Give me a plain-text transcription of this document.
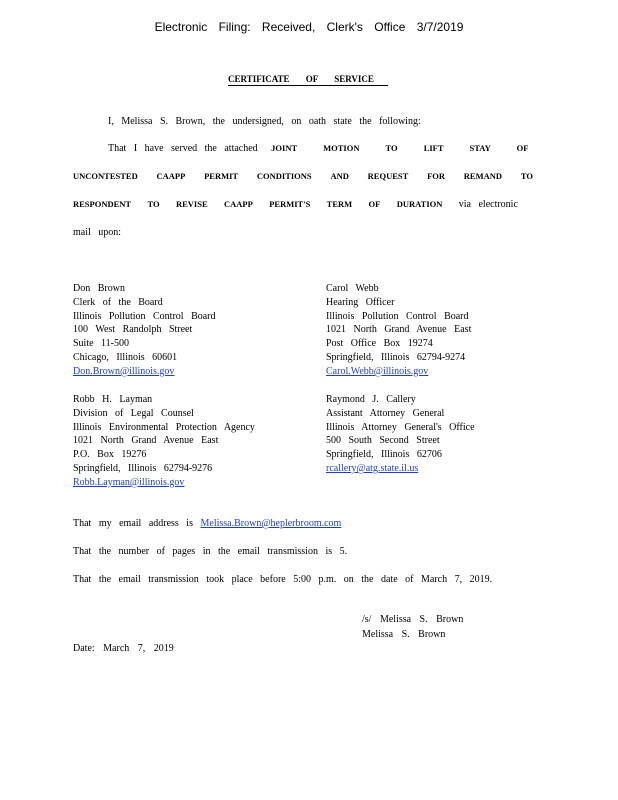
Electronic Filing: Received, Clerk's Office 3/7/2019
CERTIFICATE OF SERVICE
I, Melissa S. Brown, the undersigned, on oath state the following:
That I have served the attached JOINT MOTION TO LIFT STAY OF
UNCONTESTED CAAPP PERMIT CONDITIONS AND REQUEST FOR REMAND TO
RESPONDENT TO REVISE CAAPP PERMIT'S TERM OF DURATION via electronic
mail upon:
Don Brown
Clerk of the Board
Illinois Pollution Control Board
100 West Randolph Street
Suite 11-500
Chicago, Illinois 60601
Don.Brown@illinois.gov
Carol Webb
Hearing Officer
Illinois Pollution Control Board
1021 North Grand Avenue East
Post Office Box 19274
Springfield, Illinois 62794-9274
Carol.Webb@illinois.gov
Robb H. Layman
Division of Legal Counsel
Illinois Environmental Protection Agency
1021 North Grand Avenue East
P.O. Box 19276
Springfield, Illinois 62794-9276
Robb.Layman@illinois.gov
Raymond J. Callery
Assistant Attorney General
Illinois Attorney General's Office
500 South Second Street
Springfield, Illinois 62706
rcallery@atg.state.il.us
That my email address is Melissa.Brown@heplerbroom.com
That the number of pages in the email transmission is 5.
That the email transmission took place before 5:00 p.m. on the date of March 7, 2019.
/s/ Melissa S. Brown
Melissa S. Brown
Date: March 7, 2019
